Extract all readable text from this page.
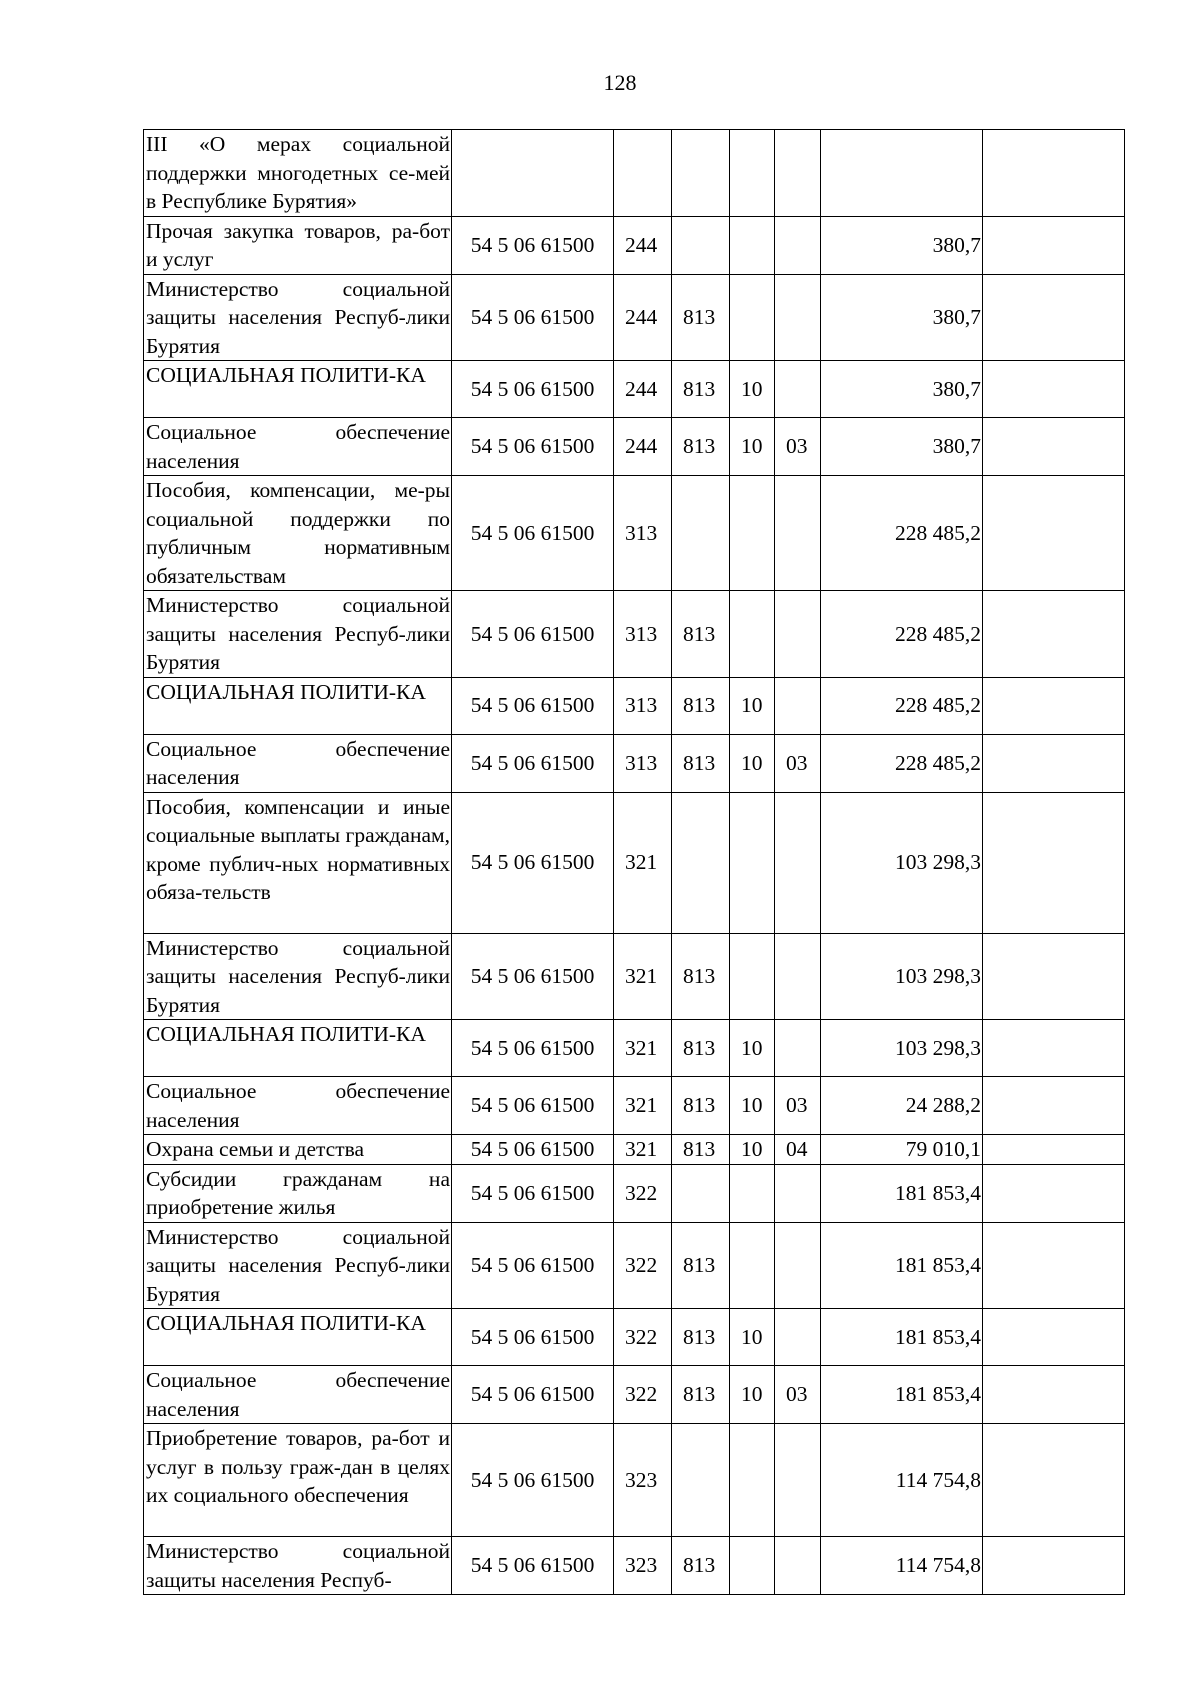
128
III «О мерах социальной поддержки многодетных се-мей в Республике Бурятия»							
Прочая закупка товаров, ра-бот и услуг	54 5 06 61500	244				380,7	
Министерство социальной защиты населения Респуб-лики Бурятия	54 5 06 61500	244	813			380,7	
СОЦИАЛЬНАЯ ПОЛИТИ-КА	54 5 06 61500	244	813	10		380,7	
Социальное обеспечение населения	54 5 06 61500	244	813	10	03	380,7	
Пособия, компенсации, ме-ры социальной поддержки по публичным нормативным обязательствам	54 5 06 61500	313				228 485,2	
Министерство социальной защиты населения Респуб-лики Бурятия	54 5 06 61500	313	813			228 485,2	
СОЦИАЛЬНАЯ ПОЛИТИ-КА	54 5 06 61500	313	813	10		228 485,2	
Социальное обеспечение населения	54 5 06 61500	313	813	10	03	228 485,2	
Пособия, компенсации и иные социальные выплаты гражданам, кроме публич-ных нормативных обяза-тельств	54 5 06 61500	321				103 298,3	
Министерство социальной защиты населения Респуб-лики Бурятия	54 5 06 61500	321	813			103 298,3	
СОЦИАЛЬНАЯ ПОЛИТИ-КА	54 5 06 61500	321	813	10		103 298,3	
Социальное обеспечение населения	54 5 06 61500	321	813	10	03	24 288,2	
Охрана семьи и детства	54 5 06 61500	321	813	10	04	79 010,1	
Субсидии гражданам на приобретение жилья	54 5 06 61500	322				181 853,4	
Министерство социальной защиты населения Респуб-лики Бурятия	54 5 06 61500	322	813			181 853,4	
СОЦИАЛЬНАЯ ПОЛИТИ-КА	54 5 06 61500	322	813	10		181 853,4	
Социальное обеспечение населения	54 5 06 61500	322	813	10	03	181 853,4	
Приобретение товаров, ра-бот и услуг в пользу граж-дан в целях их социального обеспечения	54 5 06 61500	323				114 754,8	
Министерство социальной защиты населения Респуб-	54 5 06 61500	323	813			114 754,8	
